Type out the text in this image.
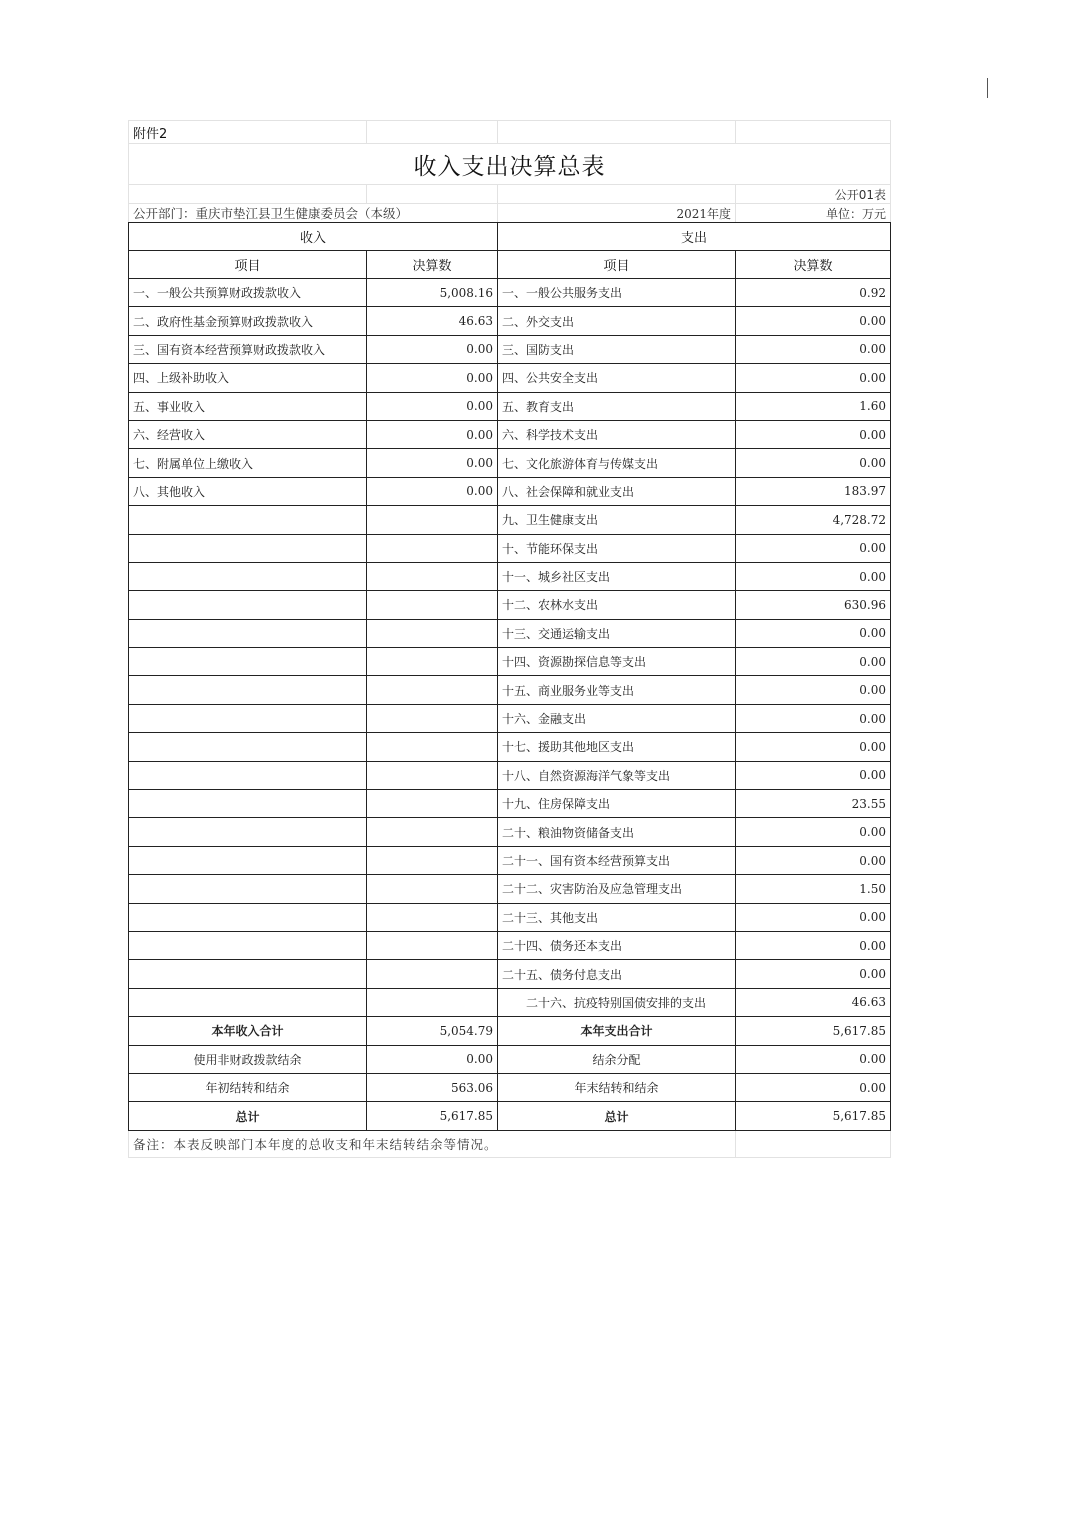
附件2			
收入支出决算总表			
			公开01表
公开部门：重庆市垫江县卫生健康委员会（本级）		2021年度	单位：万元
收入		支出	
项目	决算数	项目	决算数
一、一般公共预算财政拨款收入	5,008.16	一、一般公共服务支出	0.92
二、政府性基金预算财政拨款收入	46.63	二、外交支出	0.00
三、国有资本经营预算财政拨款收入	0.00	三、国防支出	0.00
四、上级补助收入	0.00	四、公共安全支出	0.00
五、事业收入	0.00	五、教育支出	1.60
六、经营收入	0.00	六、科学技术支出	0.00
七、附属单位上缴收入	0.00	七、文化旅游体育与传媒支出	0.00
八、其他收入	0.00	八、社会保障和就业支出	183.97
		九、卫生健康支出	4,728.72
		十、节能环保支出	0.00
		十一、城乡社区支出	0.00
		十二、农林水支出	630.96
		十三、交通运输支出	0.00
		十四、资源勘探信息等支出	0.00
		十五、商业服务业等支出	0.00
		十六、金融支出	0.00
		十七、援助其他地区支出	0.00
		十八、自然资源海洋气象等支出	0.00
		十九、住房保障支出	23.55
		二十、粮油物资储备支出	0.00
		二十一、国有资本经营预算支出	0.00
		二十二、灾害防治及应急管理支出	1.50
		二十三、其他支出	0.00
		二十四、债务还本支出	0.00
		二十五、债务付息支出	0.00
		二十六、抗疫特别国债安排的支出	46.63
本年收入合计	5,054.79	本年支出合计	5,617.85
使用非财政拨款结余	0.00	结余分配	0.00
年初结转和结余	563.06	年末结转和结余	0.00
总计	5,617.85	总计	5,617.85
备注：本表反映部门本年度的总收支和年末结转结余等情况。			
